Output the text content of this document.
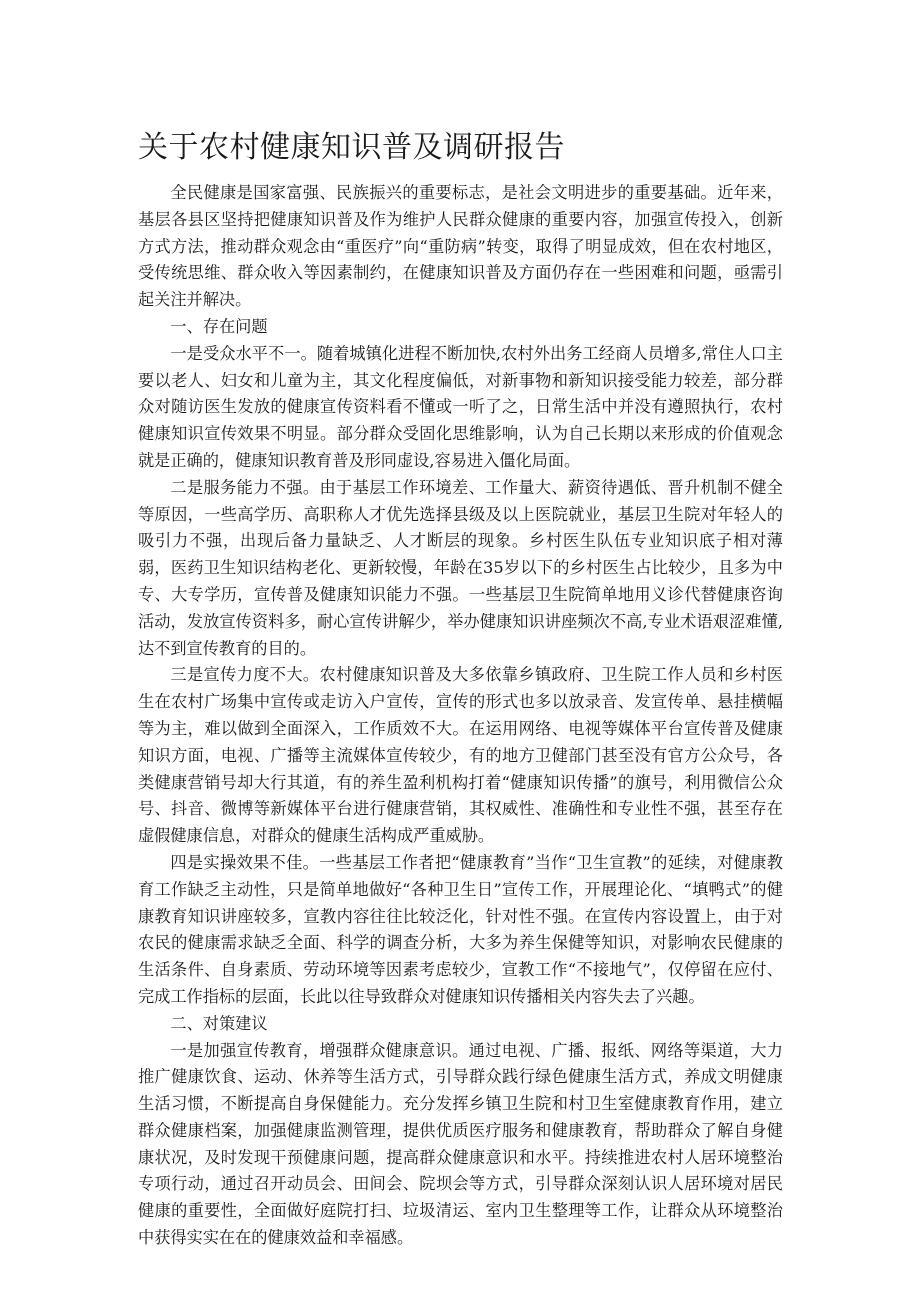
关于农村健康知识普及调研报告

全民健康是国家富强、民族振兴的重要标志，是社会文明进步的重要基础。近年来，基层各县区坚持把健康知识普及作为维护人民群众健康的重要内容，加强宣传投入，创新方式方法，推动群众观念由“重医疗”向“重防病”转变，取得了明显成效，但在农村地区，受传统思维、群众收入等因素制约，在健康知识普及方面仍存在一些困难和问题，亟需引起关注并解决。

一、存在问题

一是受众水平不一。随着城镇化进程不断加快,农村外出务工经商人员增多,常住人口主要以老人、妇女和儿童为主，其文化程度偏低，对新事物和新知识接受能力较差，部分群众对随访医生发放的健康宣传资料看不懂或一听了之，日常生活中并没有遵照执行，农村健康知识宣传效果不明显。部分群众受固化思维影响，认为自己长期以来形成的价值观念就是正确的，健康知识教育普及形同虚设,容易进入僵化局面。

二是服务能力不强。由于基层工作环境差、工作量大、薪资待遇低、晋升机制不健全等原因，一些高学历、高职称人才优先选择县级及以上医院就业，基层卫生院对年轻人的吸引力不强，出现后备力量缺乏、人才断层的现象。乡村医生队伍专业知识底子相对薄弱，医药卫生知识结构老化、更新较慢，年龄在35岁以下的乡村医生占比较少，且多为中专、大专学历，宣传普及健康知识能力不强。一些基层卫生院简单地用义诊代替健康咨询活动，发放宣传资料多，耐心宣传讲解少，举办健康知识讲座频次不高,专业术语艰涩难懂,达不到宣传教育的目的。

三是宣传力度不大。农村健康知识普及大多依靠乡镇政府、卫生院工作人员和乡村医生在农村广场集中宣传或走访入户宣传，宣传的形式也多以放录音、发宣传单、悬挂横幅等为主，难以做到全面深入，工作质效不大。在运用网络、电视等媒体平台宣传普及健康知识方面，电视、广播等主流媒体宣传较少，有的地方卫健部门甚至没有官方公众号，各类健康营销号却大行其道，有的养生盈利机构打着“健康知识传播”的旗号，利用微信公众号、抖音、微博等新媒体平台进行健康营销，其权威性、准确性和专业性不强，甚至存在虚假健康信息，对群众的健康生活构成严重威胁。

四是实操效果不佳。一些基层工作者把“健康教育”当作“卫生宣教”的延续，对健康教育工作缺乏主动性，只是简单地做好“各种卫生日”宣传工作，开展理论化、“填鸭式”的健康教育知识讲座较多，宣教内容往往比较泛化，针对性不强。在宣传内容设置上，由于对农民的健康需求缺乏全面、科学的调查分析，大多为养生保健等知识，对影响农民健康的生活条件、自身素质、劳动环境等因素考虑较少，宣教工作“不接地气”，仅停留在应付、完成工作指标的层面，长此以往导致群众对健康知识传播相关内容失去了兴趣。

二、对策建议

一是加强宣传教育，增强群众健康意识。通过电视、广播、报纸、网络等渠道，大力推广健康饮食、运动、休养等生活方式，引导群众践行绿色健康生活方式，养成文明健康生活习惯，不断提高自身保健能力。充分发挥乡镇卫生院和村卫生室健康教育作用，建立群众健康档案，加强健康监测管理，提供优质医疗服务和健康教育，帮助群众了解自身健康状况，及时发现干预健康问题，提高群众健康意识和水平。持续推进农村人居环境整治专项行动，通过召开动员会、田间会、院坝会等方式，引导群众深刻认识人居环境对居民健康的重要性，全面做好庭院打扫、垃圾清运、室内卫生整理等工作，让群众从环境整治中获得实实在在的健康效益和幸福感。
